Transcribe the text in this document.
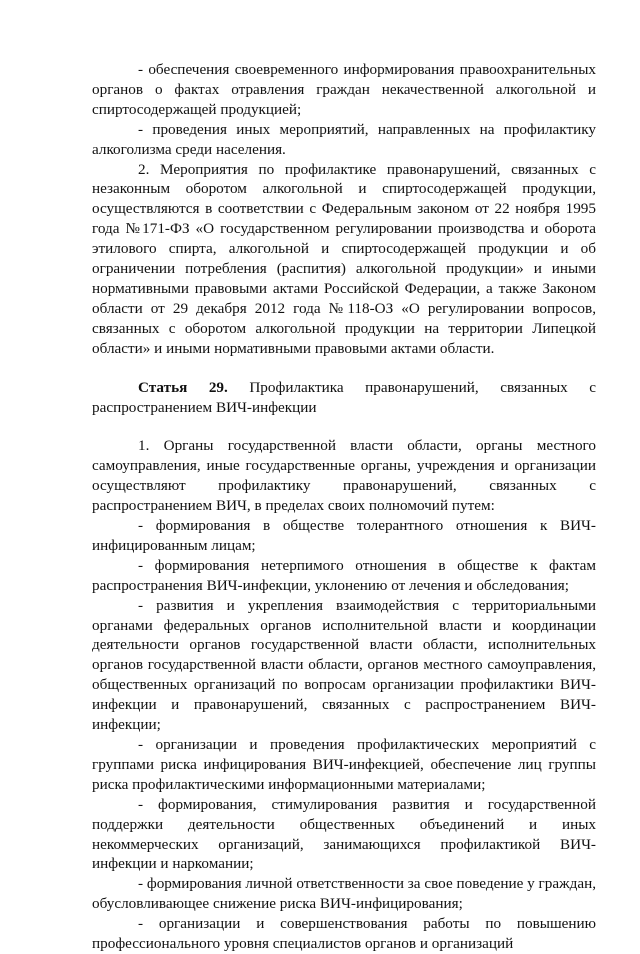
- обеспечения своевременного информирования правоохранительных органов о фактах отравления граждан некачественной алкогольной и спиртосодержащей продукцией;

- проведения иных мероприятий, направленных на профилактику алкоголизма среди населения.

2. Мероприятия по профилактике правонарушений, связанных с незаконным оборотом алкогольной и спиртосодержащей продукции, осуществляются в соответствии с Федеральным законом от 22 ноября 1995 года №171-ФЗ «О государственном регулировании производства и оборота этилового спирта, алкогольной и спиртосодержащей продукции и об ограничении потребления (распития) алкогольной продукции» и иными нормативными правовыми актами Российской Федерации, а также Законом области от 29 декабря 2012 года №118-ОЗ «О регулировании вопросов, связанных с оборотом алкогольной продукции на территории Липецкой области» и иными нормативными правовыми актами области.

Статья 29. Профилактика правонарушений, связанных с распространением ВИЧ-инфекции

1. Органы государственной власти области, органы местного самоуправления, иные государственные органы, учреждения и организации осуществляют профилактику правонарушений, связанных с распространением ВИЧ, в пределах своих полномочий путем:

- формирования в обществе толерантного отношения к ВИЧ-инфицированным лицам;

- формирования нетерпимого отношения в обществе к фактам распространения ВИЧ-инфекции, уклонению от лечения и обследования;

- развития и укрепления взаимодействия с территориальными органами федеральных органов исполнительной власти и координации деятельности органов государственной власти области, исполнительных органов государственной власти области, органов местного самоуправления, общественных организаций по вопросам организации профилактики ВИЧ-инфекции и правонарушений, связанных с распространением ВИЧ-инфекции;

- организации и проведения профилактических мероприятий с группами риска инфицирования ВИЧ-инфекцией, обеспечение лиц группы риска профилактическими информационными материалами;

- формирования, стимулирования развития и государственной поддержки деятельности общественных объединений и иных некоммерческих организаций, занимающихся профилактикой ВИЧ-инфекции и наркомании;

- формирования личной ответственности за свое поведение у граждан, обусловливающее снижение риска ВИЧ-инфицирования;

- организации и совершенствования работы по повышению профессионального уровня специалистов органов и организаций
